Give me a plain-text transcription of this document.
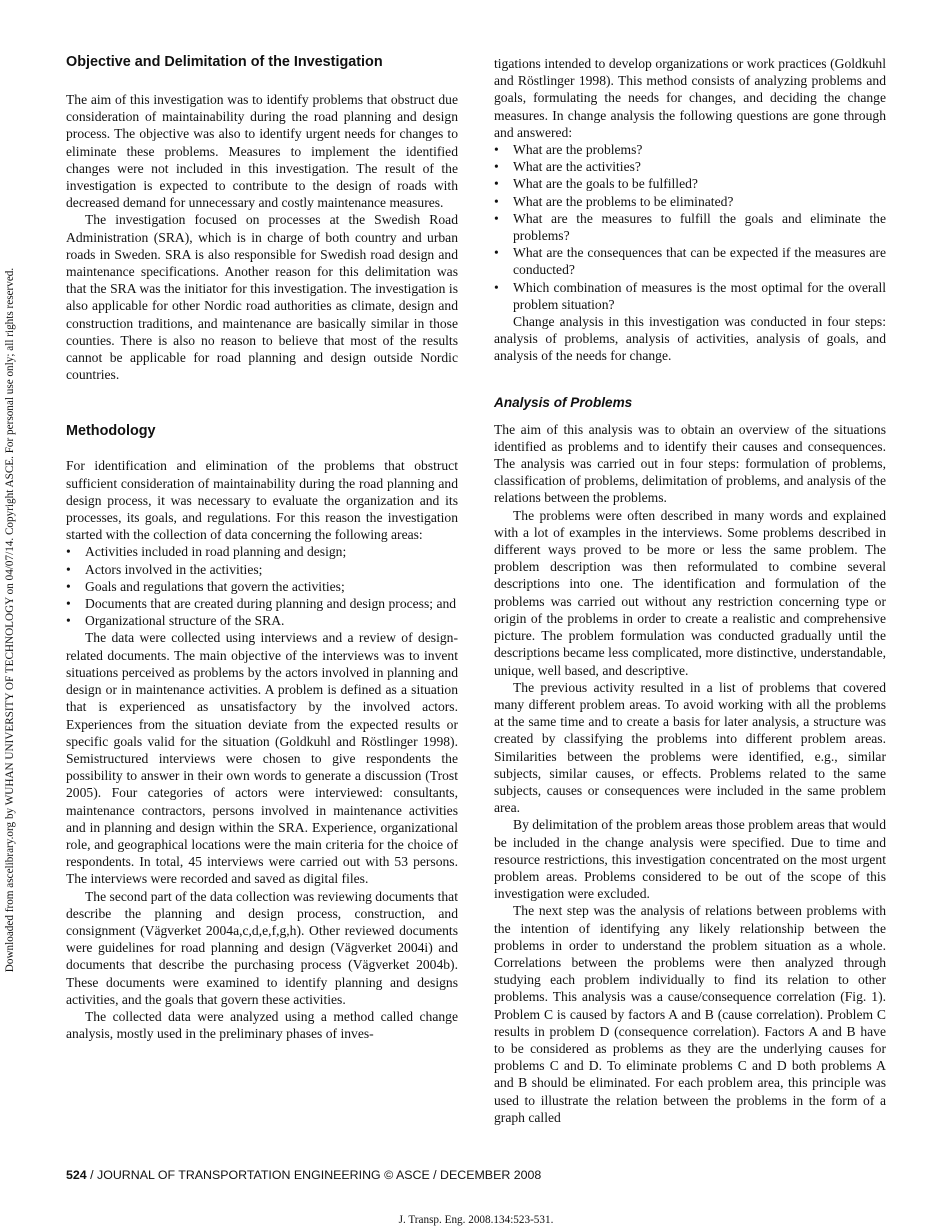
Downloaded from ascelibrary.org by WUHAN UNIVERSITY OF TECHNOLOGY on 04/07/14. Copyright ASCE. For personal use only; all rights reserved.
Objective and Delimitation of the Investigation

The aim of this investigation was to identify problems that obstruct due consideration of maintainability during the road planning and design process. The objective was also to identify urgent needs for changes to eliminate these problems. Measures to implement the identified changes were not included in this investigation. The result of the investigation is expected to contribute to the design of roads with decreased demand for unnecessary and costly maintenance measures.

The investigation focused on processes at the Swedish Road Administration (SRA), which is in charge of both country and urban roads in Sweden. SRA is also responsible for Swedish road design and maintenance specifications. Another reason for this delimitation was that the SRA was the initiator for this investigation. The investigation is also applicable for other Nordic road authorities as climate, design and construction traditions, and maintenance are basically similar in those counties. There is also no reason to believe that most of the results cannot be applicable for road planning and design outside Nordic countries.

Methodology

For identification and elimination of the problems that obstruct sufficient consideration of maintainability during the road planning and design process, it was necessary to evaluate the organization and its processes, its goals, and regulations. For this reason the investigation started with the collection of data concerning the following areas:

• Activities included in road planning and design;
• Actors involved in the activities;
• Goals and regulations that govern the activities;
• Documents that are created during planning and design process; and
• Organizational structure of the SRA.

The data were collected using interviews and a review of design-related documents. The main objective of the interviews was to invent situations perceived as problems by the actors involved in planning and design or in maintenance activities. A problem is defined as a situation that is experienced as unsatisfactory by the involved actors. Experiences from the situation deviate from the expected results or specific goals valid for the situation (Goldkuhl and Röstlinger 1998). Semistructured interviews were chosen to give respondents the possibility to answer in their own words to generate a discussion (Trost 2005). Four categories of actors were interviewed: consultants, maintenance contractors, persons involved in maintenance activities and in planning and design within the SRA. Experience, organizational role, and geographical locations were the main criteria for the choice of respondents. In total, 45 interviews were carried out with 53 persons. The interviews were recorded and saved as digital files.

The second part of the data collection was reviewing documents that describe the planning and design process, construction, and consignment (Vägverket 2004a,c,d,e,f,g,h). Other reviewed documents were guidelines for road planning and design (Vägverket 2004i) and documents that describe the purchasing process (Vägverket 2004b). These documents were examined to identify planning and designs activities, and the goals that govern these activities.

The collected data were analyzed using a method called change analysis, mostly used in the preliminary phases of inves-

tigations intended to develop organizations or work practices (Goldkuhl and Röstlinger 1998). This method consists of analyzing problems and goals, formulating the needs for changes, and deciding the change measures. In change analysis the following questions are gone through and answered:

• What are the problems?
• What are the activities?
• What are the goals to be fulfilled?
• What are the problems to be eliminated?
• What are the measures to fulfill the goals and eliminate the problems?
• What are the consequences that can be expected if the measures are conducted?
• Which combination of measures is the most optimal for the overall problem situation?

Change analysis in this investigation was conducted in four steps: analysis of problems, analysis of activities, analysis of goals, and analysis of the needs for change.

Analysis of Problems

The aim of this analysis was to obtain an overview of the situations identified as problems and to identify their causes and consequences. The analysis was carried out in four steps: formulation of problems, classification of problems, delimitation of problems, and analysis of the relations between the problems.

The problems were often described in many words and explained with a lot of examples in the interviews. Some problems described in different ways proved to be more or less the same problem. The problem description was then reformulated to combine several descriptions into one. The identification and formulation of the problems was carried out without any restriction concerning type or origin of the problems in order to create a realistic and comprehensive picture. The problem formulation was conducted gradually until the descriptions became less complicated, more distinctive, understandable, unique, well based, and descriptive.

The previous activity resulted in a list of problems that covered many different problem areas. To avoid working with all the problems at the same time and to create a basis for later analysis, a structure was created by classifying the problems into different problem areas. Similarities between the problems were identified, e.g., similar subjects, similar causes, or effects. Problems related to the same subjects, causes or consequences were included in the same problem area.

By delimitation of the problem areas those problem areas that would be included in the change analysis were specified. Due to time and resource restrictions, this investigation concentrated on the most urgent problem areas. Problems considered to be out of the scope of this investigation were excluded.

The next step was the analysis of relations between problems with the intention of identifying any likely relationship between the problems in order to understand the problem situation as a whole. Correlations between the problems were then analyzed through studying each problem individually to find its relation to other problems. This analysis was a cause/consequence correlation (Fig. 1). Problem C is caused by factors A and B (cause correlation). Problem C results in problem D (consequence correlation). Factors A and B have to be considered as problems as they are the underlying causes for problems C and D. To eliminate problems C and D both problems A and B should be eliminated. For each problem area, this principle was used to illustrate the relation between the problems in the form of a graph called

524 / JOURNAL OF TRANSPORTATION ENGINEERING © ASCE / DECEMBER 2008
J. Transp. Eng. 2008.134:523-531.
